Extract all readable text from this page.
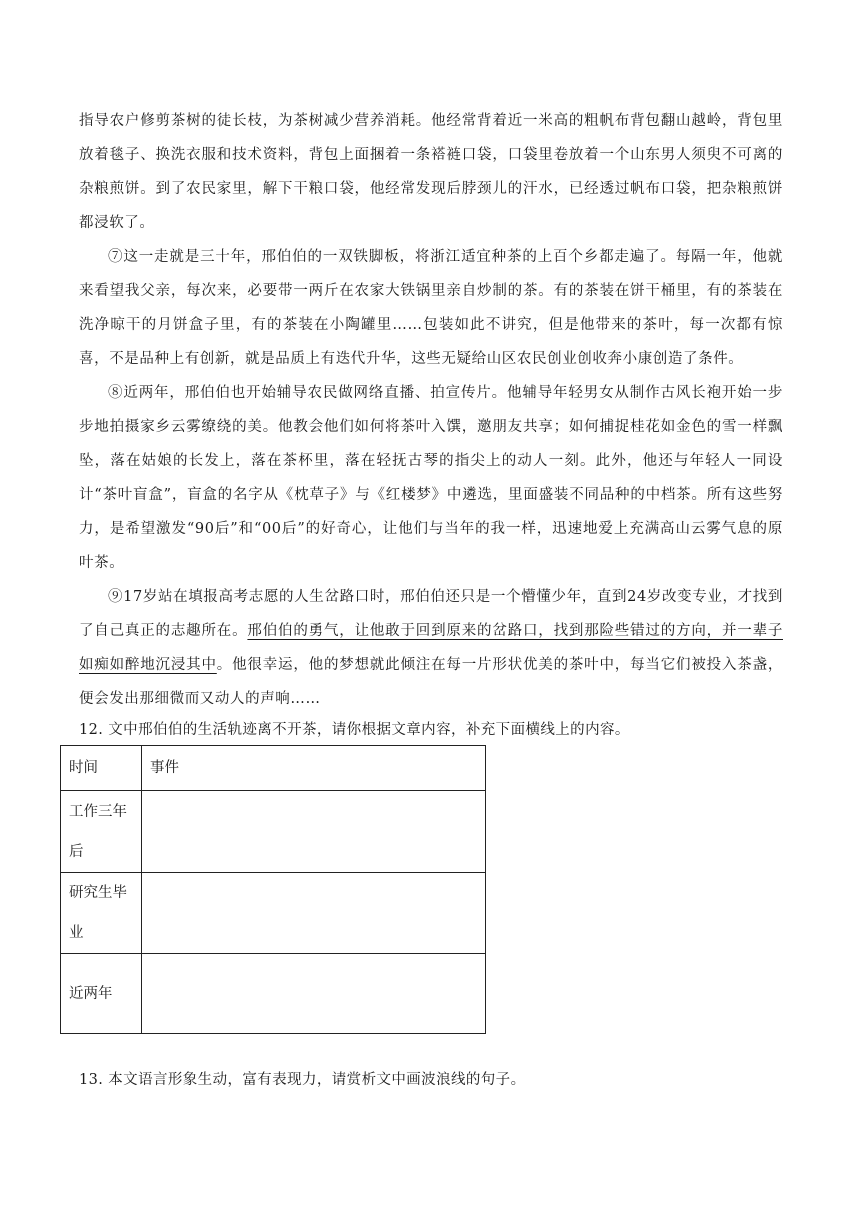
指导农户修剪茶树的徒长枝，为茶树减少营养消耗。他经常背着近一米高的粗帆布背包翻山越岭，背包里放着毯子、换洗衣服和技术资料，背包上面捆着一条褡裢口袋，口袋里卷放着一个山东男人须臾不可离的杂粮煎饼。到了农民家里，解下干粮口袋，他经常发现后脖颈儿的汗水，已经透过帆布口袋，把杂粮煎饼都浸软了。

⑦这一走就是三十年，邢伯伯的一双铁脚板，将浙江适宜种茶的上百个乡都走遍了。每隔一年，他就来看望我父亲，每次来，必要带一两斤在农家大铁锅里亲自炒制的茶。有的茶装在饼干桶里，有的茶装在洗净晾干的月饼盒子里，有的茶装在小陶罐里……包装如此不讲究，但是他带来的茶叶，每一次都有惊喜，不是品种上有创新，就是品质上有迭代升华，这些无疑给山区农民创业创收奔小康创造了条件。

⑧近两年，邢伯伯也开始辅导农民做网络直播、拍宣传片。他辅导年轻男女从制作古风长袍开始一步步地拍摄家乡云雾缭绕的美。他教会他们如何将茶叶入馔，邀朋友共享；如何捕捉桂花如金色的雪一样飘坠，落在姑娘的长发上，落在茶杯里，落在轻抚古琴的指尖上的动人一刻。此外，他还与年轻人一同设计“茶叶盲盒”，盲盒的名字从《枕草子》与《红楼梦》中遴选，里面盛装不同品种的中档茶。所有这些努力，是希望激发“90后”和“00后”的好奇心，让他们与当年的我一样，迅速地爱上充满高山云雾气息的原叶茶。

⑨17岁站在填报高考志愿的人生岔路口时，邢伯伯还只是一个懵懂少年，直到24岁改变专业，才找到了自己真正的志趣所在。邢伯伯的勇气，让他敢于回到原来的岔路口，找到那险些错过的方向，并一辈子如痴如醉地沉浸其中。他很幸运，他的梦想就此倾注在每一片形状优美的茶叶中，每当它们被投入茶盏，便会发出那细微而又动人的声响……

12. 文中邢伯伯的生活轨迹离不开茶，请你根据文章内容，补充下面横线上的内容。
时间	事件
工作三年后	
研究生毕业	
近两年	
13. 本文语言形象生动，富有表现力，请赏析文中画波浪线的句子。
